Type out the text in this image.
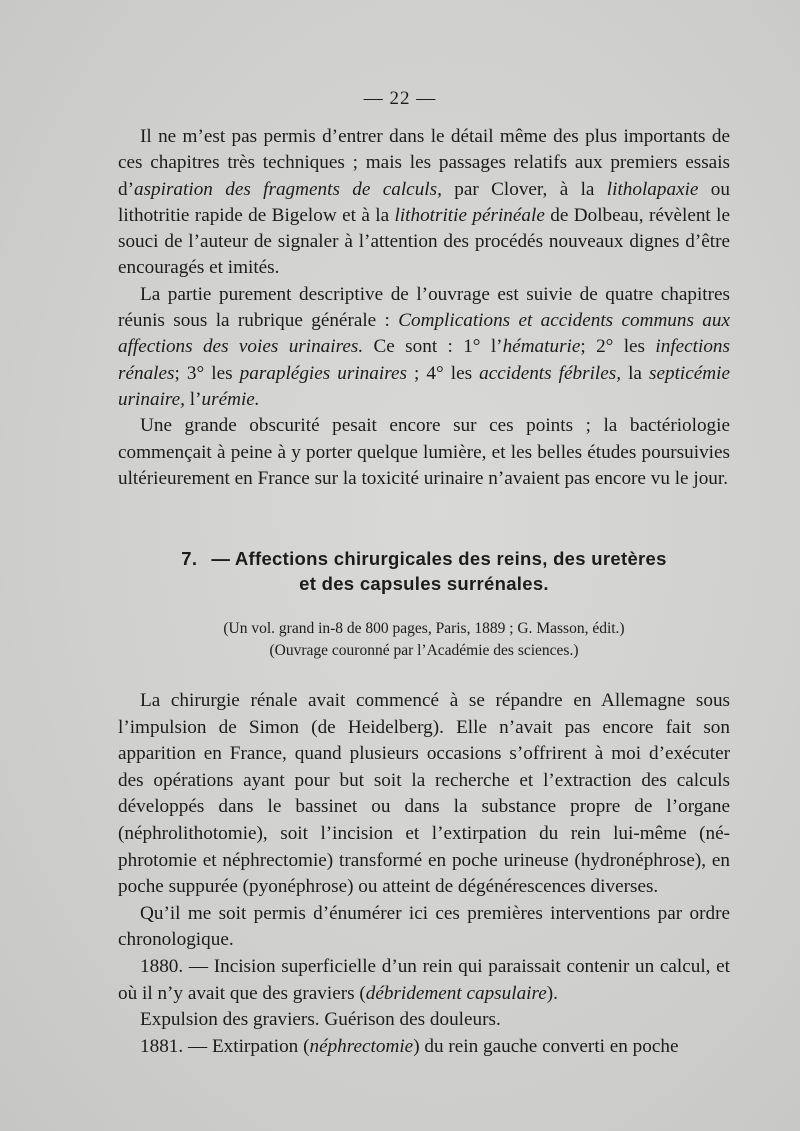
— 22 —

Il ne m’est pas permis d’entrer dans le détail même des plus importants de ces chapitres très techniques ; mais les passages relatifs aux premiers essais d’aspiration des fragments de calculs, par Clover, à la litholapaxie ou lithotritie rapide de Bigelow et à la lithotritie périnéale de Dolbeau, révèlent le souci de l’auteur de signaler à l’attention des procédés nouveaux dignes d’être encouragés et imités.

La partie purement descriptive de l’ouvrage est suivie de quatre chapitres réunis sous la rubrique générale : Complications et accidents communs aux affections des voies urinaires. Ce sont : 1° l’hématurie; 2° les infections rénales; 3° les paraplégies urinaires ; 4° les accidents fébriles, la septicémie urinaire, l’urémie.

Une grande obscurité pesait encore sur ces points ; la bactériologie commençait à peine à y porter quelque lumière, et les belles études poursuivies ultérieurement en France sur la toxicité urinaire n’avaient pas encore vu le jour.

7. — Affections chirurgicales des reins, des uretères
et des capsules surrénales.
(Un vol. grand in-8 de 800 pages, Paris, 1889 ; G. Masson, édit.)
(Ouvrage couronné par l’Académie des sciences.)

La chirurgie rénale avait commencé à se répandre en Allemagne sous l’impulsion de Simon (de Heidelberg). Elle n’avait pas encore fait son apparition en France, quand plusieurs occasions s’offrirent à moi d’exécuter des opérations ayant pour but soit la recherche et l’extraction des calculs développés dans le bassinet ou dans la substance propre de l’organe (néphrolithotomie), soit l’incision et l’extirpation du rein lui-même (néphrotomie et néphrectomie) transformé en poche urineuse (hydronéphrose), en poche suppurée (pyonéphrose) ou atteint de dégénérescences diverses.

Qu’il me soit permis d’énumérer ici ces premières interventions par ordre chronologique.

1880. — Incision superficielle d’un rein qui paraissait contenir un calcul, et où il n’y avait que des graviers (débridement capsulaire).

Expulsion des graviers. Guérison des douleurs.

1881. — Extirpation (néphrectomie) du rein gauche converti en poche
